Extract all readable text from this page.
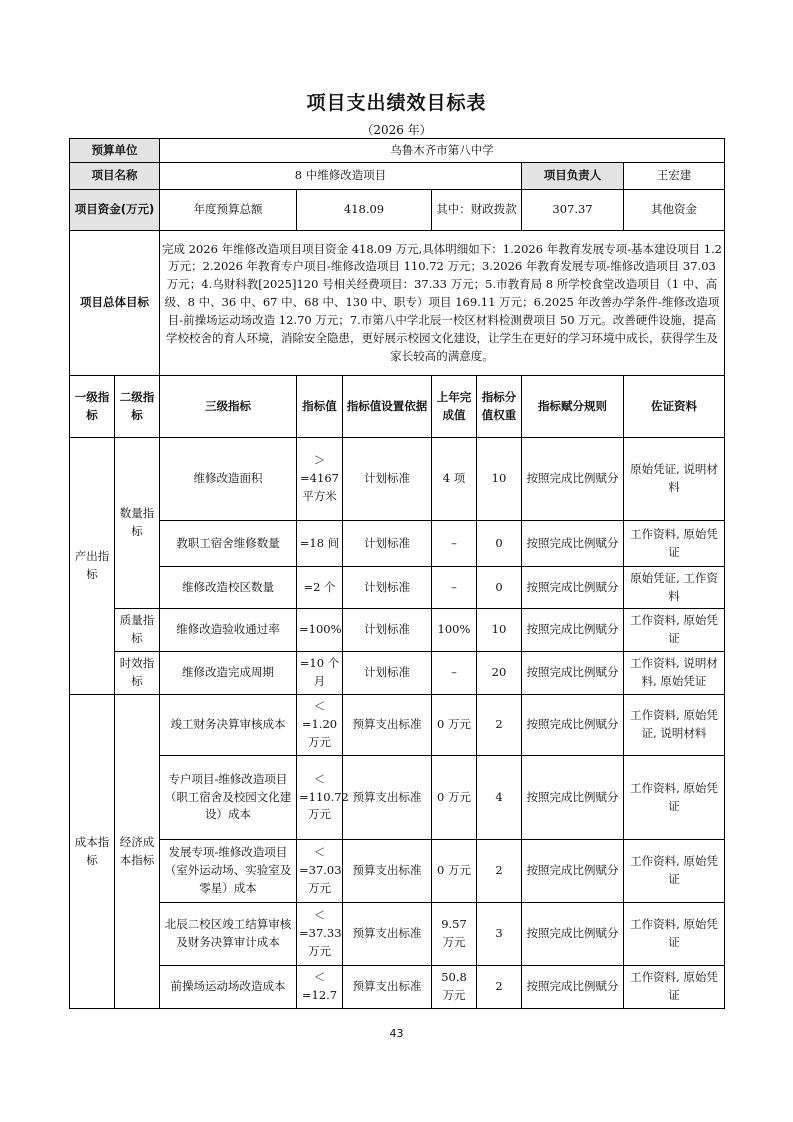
项目支出绩效目标表
（2026 年）
预算单位		乌鲁木齐市第八中学							
项目名称		8 中维修改造项目					项目负责人	王宏建	
项目资金(万元)		年度预算总额	418.09		其中：财政拨款		307.37	其他资金	
项目总体目标		完成 2026 年维修改造项目项目资金 418.09 万元,具体明细如下：1.2026 年教育发展专项-基本建设项目 1.2 万元；2.2026 年教育专户项目-维修改造项目 110.72 万元；3.2026 年教育发展专项-维修改造项目 37.03 万元；4.乌财科教[2025]120 号相关经费项目：37.33 万元；5.市教育局 8 所学校食堂改造项目（1 中、高级、8 中、36 中、67 中、68 中、130 中、职专）项目 169.11 万元；6.2025 年改善办学条件-维修改造项目-前操场运动场改造 12.70 万元；7.市第八中学北辰一校区材料检测费项目 50 万元。改善硬件设施，提高学校校舍的育人环境，消除安全隐患，更好展示校园文化建设，让学生在更好的学习环境中成长，获得学生及家长较高的满意度。							
一级指标	二级指标	三级指标	指标值	指标值设置依据	上年完成值	指标分值权重	指标赋分规则	佐证资料	
产出指标	数量指标	维修改造面积	＞=4167 平方米	计划标准	4 项	10	按照完成比例赋分	原始凭证, 说明材料	
		教职工宿舍维修数量	=18 间	计划标准	–	0	按照完成比例赋分	工作资料, 原始凭证	
		维修改造校区数量	=2 个	计划标准	–	0	按照完成比例赋分	原始凭证, 工作资料	
	质量指标	维修改造验收通过率	=100%	计划标准	100%	10	按照完成比例赋分	工作资料, 原始凭证	
	时效指标	维修改造完成周期	=10 个月	计划标准	–	20	按照完成比例赋分	工作资料, 说明材料, 原始凭证	
成本指标	经济成本指标	竣工财务决算审核成本	＜=1.20 万元	预算支出标准	0 万元	2	按照完成比例赋分	工作资料, 原始凭证, 说明材料	
		专户项目-维修改造项目（职工宿舍及校园文化建设）成本	＜=110.72 万元	预算支出标准	0 万元	4	按照完成比例赋分	工作资料, 原始凭证	
		发展专项-维修改造项目（室外运动场、实验室及零星）成本	＜=37.03 万元	预算支出标准	0 万元	2	按照完成比例赋分	工作资料, 原始凭证	
		北辰二校区竣工结算审核及财务决算审计成本	＜=37.33 万元	预算支出标准	9.57 万元	3	按照完成比例赋分	工作资料, 原始凭证	
		前操场运动场改造成本	＜=12.7	预算支出标准	50.8 万元	2	按照完成比例赋分	工作资料, 原始凭证	
43
